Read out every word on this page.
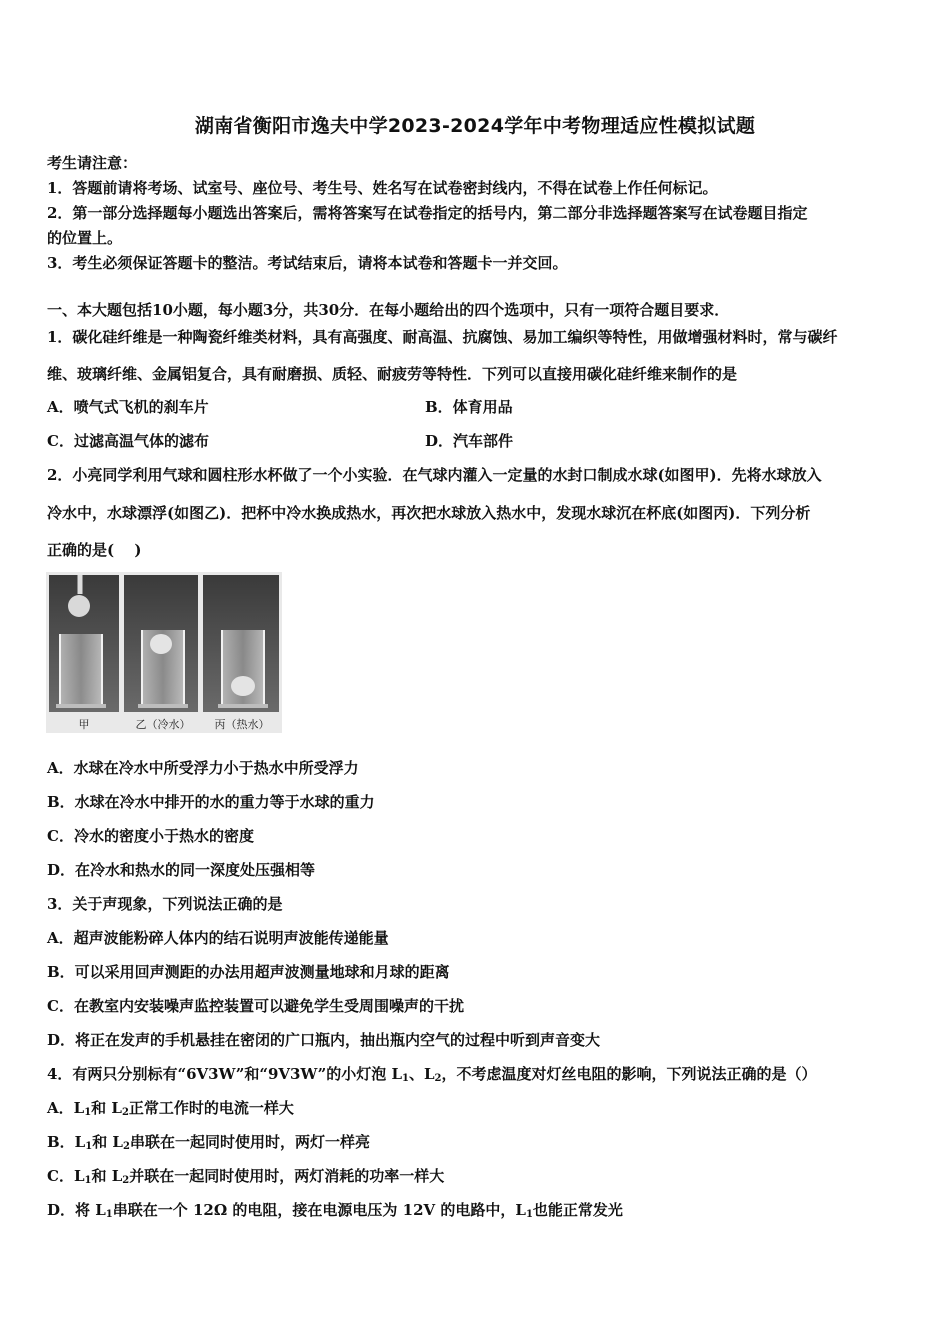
湖南省衡阳市逸夫中学2023-2024学年中考物理适应性模拟试题
考生请注意：
1．答题前请将考场、试室号、座位号、考生号、姓名写在试卷密封线内，不得在试卷上作任何标记。
2．第一部分选择题每小题选出答案后，需将答案写在试卷指定的括号内，第二部分非选择题答案写在试卷题目指定
的位置上。
3．考生必须保证答题卡的整洁。考试结束后，请将本试卷和答题卡一并交回。
一、本大题包括10小题，每小题3分，共30分．在每小题给出的四个选项中，只有一项符合题目要求．
1．碳化硅纤维是一种陶瓷纤维类材料，具有高强度、耐高温、抗腐蚀、易加工编织等特性，用做增强材料时，常与碳纤
维、玻璃纤维、金属铝复合，具有耐磨损、质轻、耐疲劳等特性．下列可以直接用碳化硅纤维来制作的是
A．喷气式飞机的刹车片	B．体育用品
C．过滤高温气体的滤布	D．汽车部件
2．小亮同学利用气球和圆柱形水杯做了一个小实验．在气球内灌入一定量的水封口制成水球(如图甲)．先将水球放入
冷水中，水球漂浮(如图乙)．把杯中冷水换成热水，再次把水球放入热水中，发现水球沉在杯底(如图丙)．下列分析
正确的是(　 )
甲	乙（冷水） 丙（热水）
A．水球在冷水中所受浮力小于热水中所受浮力
B．水球在冷水中排开的水的重力等于水球的重力
C．冷水的密度小于热水的密度
D．在冷水和热水的同一深度处压强相等
3．关于声现象，下列说法正确的是
A．超声波能粉碎人体内的结石说明声波能传递能量
B．可以采用回声测距的办法用超声波测量地球和月球的距离
C．在教室内安装噪声监控装置可以避免学生受周围噪声的干扰
D．将正在发声的手机悬挂在密闭的广口瓶内，抽出瓶内空气的过程中听到声音变大
4．有两只分别标有“6V3W”和“9V3W”的小灯泡 $L_1$、$L_2$，不考虑温度对灯丝电阻的影响，下列说法正确的是（）
A．$L_1$和 $L_2$正常工作时的电流一样大
B．$L_1$和 $L_2$串联在一起同时使用时，两灯一样亮
C．$L_1$和 $L_2$并联在一起同时使用时，两灯消耗的功率一样大
D．将 $L_1$串联在一个 12Ω 的电阻，接在电源电压为 12V 的电路中，$L_1$也能正常发光
